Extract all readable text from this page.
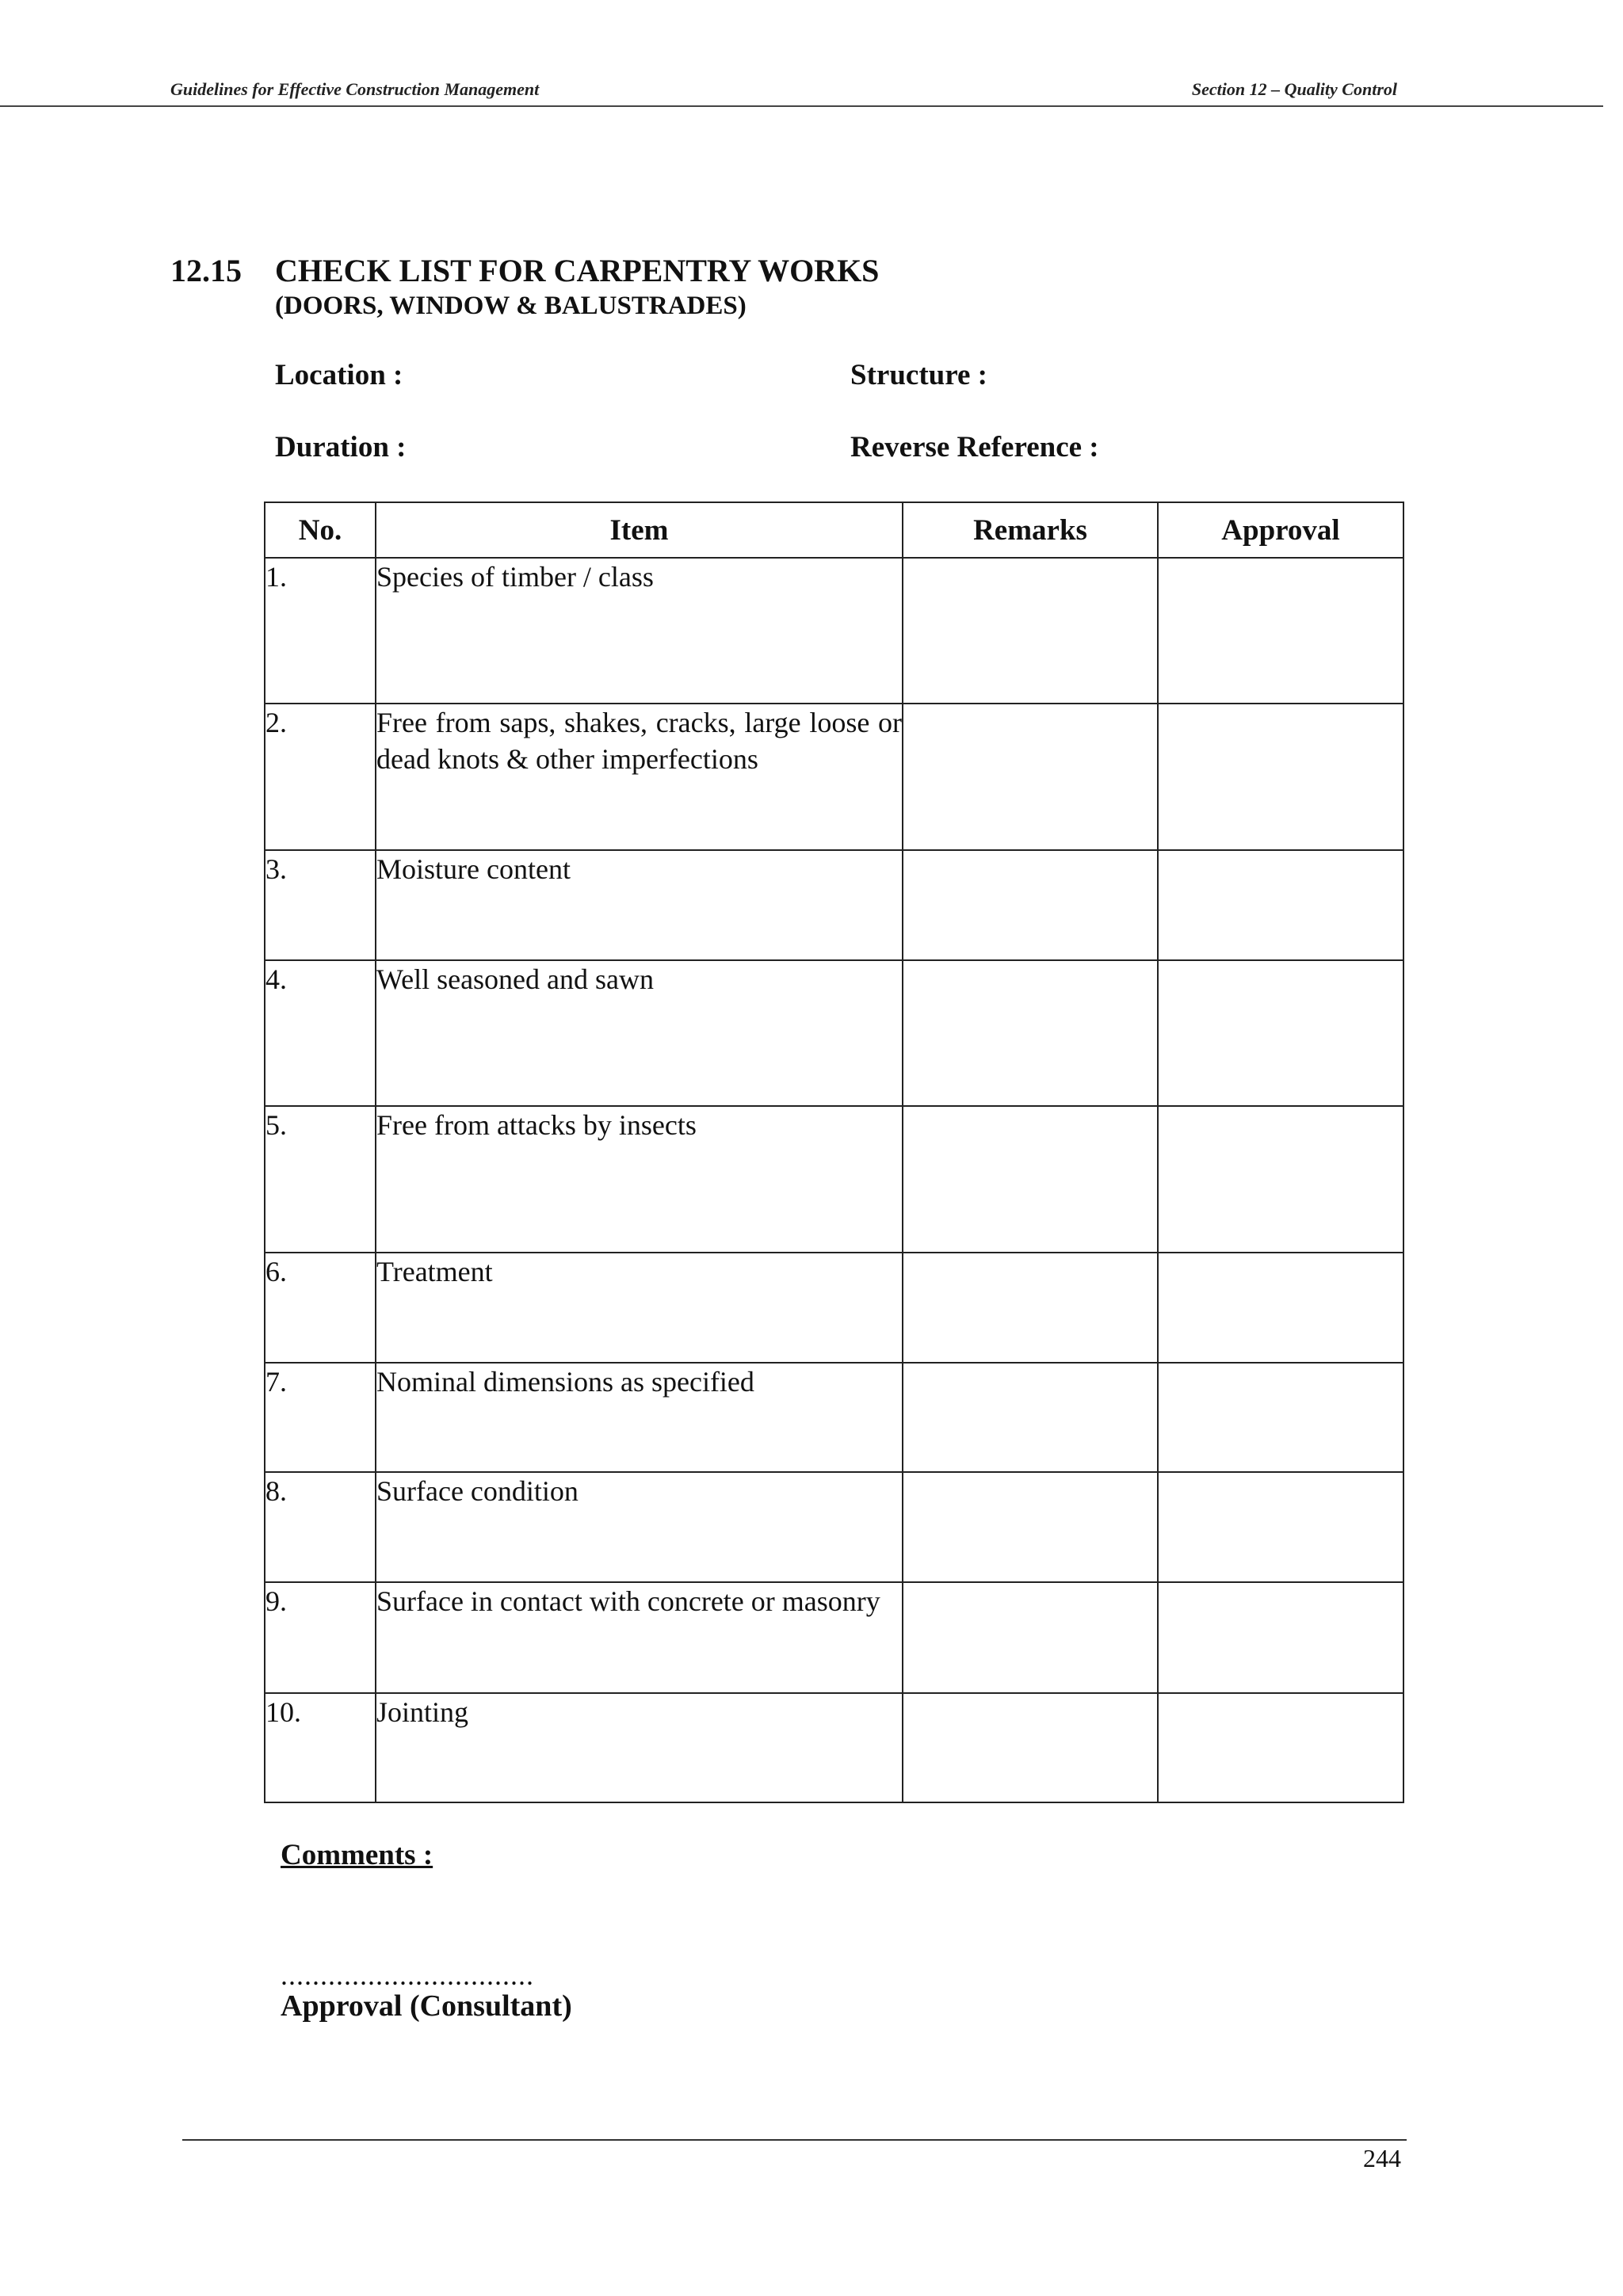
Guidelines for Effective Construction Management	Section 12 – Quality Control
12.15 CHECK LIST FOR CARPENTRY WORKS
(DOORS, WINDOW & BALUSTRADES)
Location :	Structure :
Duration :	Reverse Reference :
No.	Item	Remarks	Approval
1.	Species of timber / class		
2.	Free from saps, shakes, cracks, large loose or dead knots & other imperfections		
3.	Moisture content		
4.	Well seasoned and sawn		
5.	Free from attacks by insects		
6.	Treatment		
7.	Nominal dimensions as specified		
8.	Surface condition		
9.	Surface in contact with concrete or masonry		
10.	Jointing		
Comments :
................................
Approval (Consultant)
244
